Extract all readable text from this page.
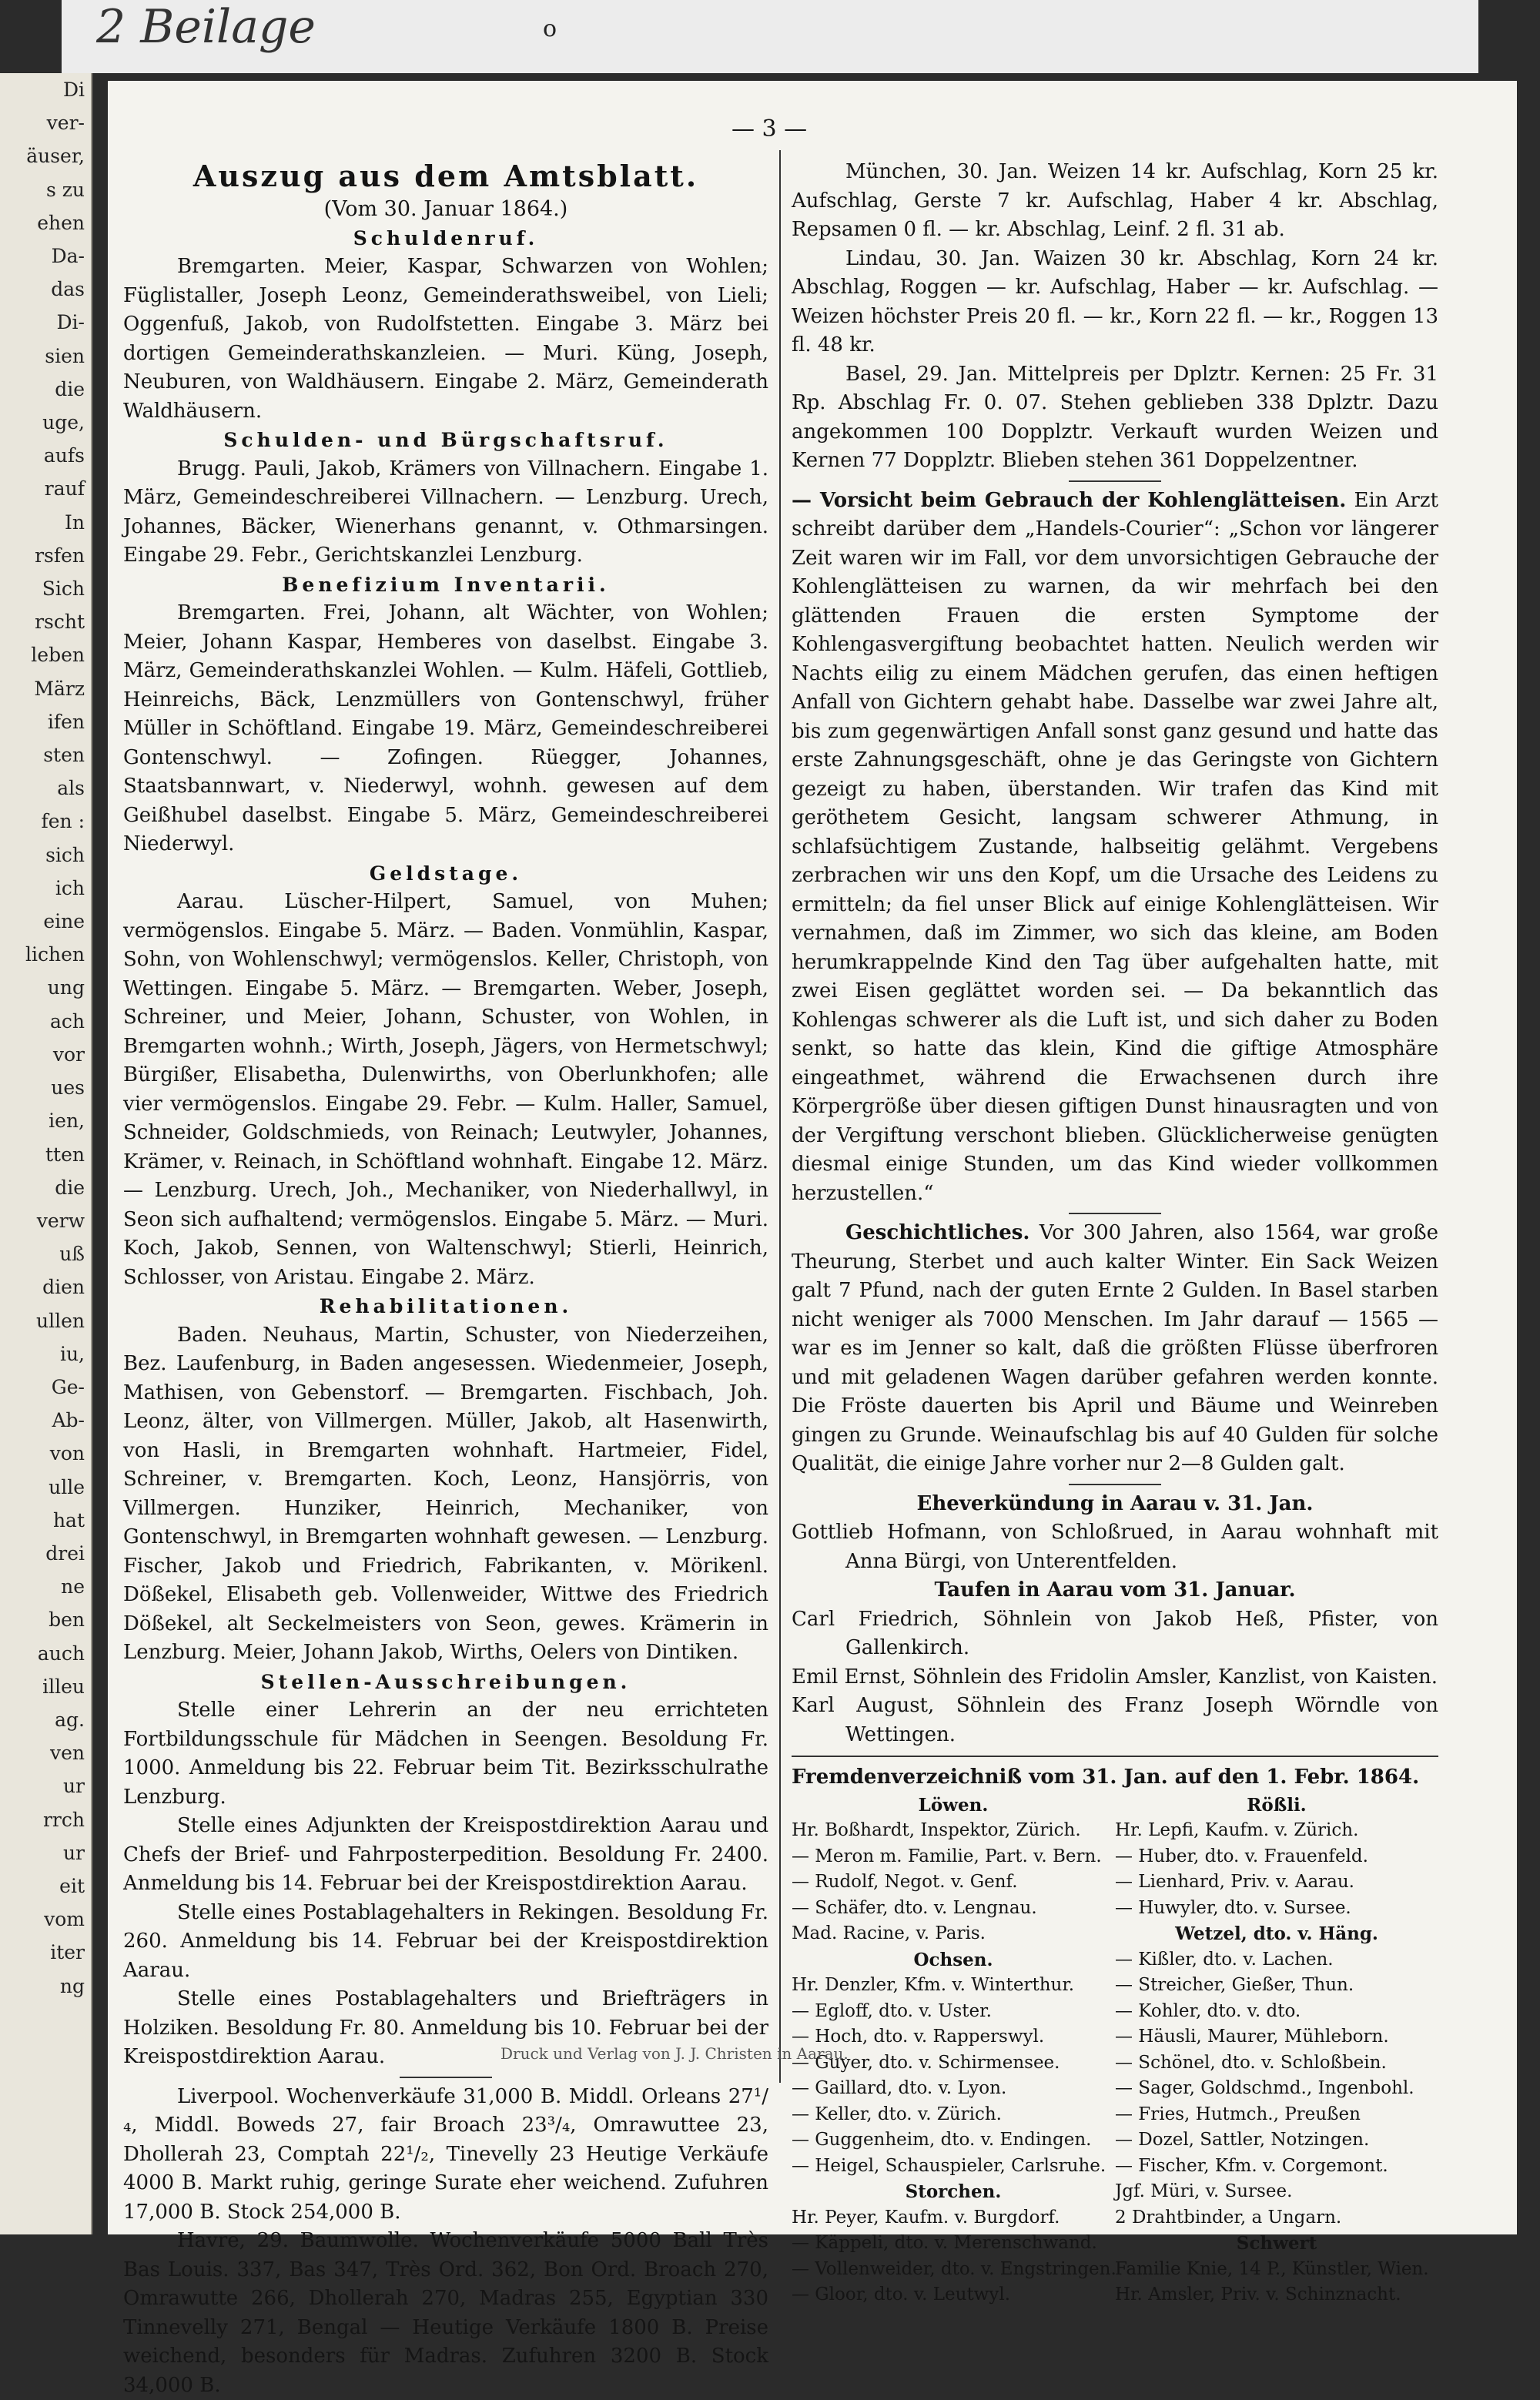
2 Beilage	o
Di
ver-
äuser,
s zu
ehen
Da-
das
Di-
sien
die
uge,
aufs
rauf
In
rsfen
Sich
rscht
leben
März
ifen
sten
als
fen :
sich
ich
eine
lichen
ung
ach
vor
ues
ien,
tten
die
verw
uß
dien
ullen
iu,
Ge-
Ab-
von
ulle
hat
drei
ne
ben
auch
illeu
ag.
ven
ur
rrch
ur
eit
vom
iter
ng
— 3 —

Auszug aus dem Amtsblatt.

(Vom 30. Januar 1864.)

Schuldenruf.

Bremgarten. Meier, Kaspar, Schwarzen von Wohlen; Füglistaller, Joseph Leonz, Gemeinderathsweibel, von Lieli; Oggenfuß, Jakob, von Rudolfstetten. Eingabe 3. März bei dortigen Gemeinderathskanzleien. — Muri. Küng, Joseph, Neuburen, von Waldhäusern. Eingabe 2. März, Gemeinderath Waldhäusern.

Schulden- und Bürgschaftsruf.

Brugg. Pauli, Jakob, Krämers von Villnachern. Eingabe 1. März, Gemeindeschreiberei Villnachern. — Lenzburg. Urech, Johannes, Bäcker, Wienerhans genannt, v. Othmarsingen. Eingabe 29. Febr., Gerichtskanzlei Lenzburg.

Benefizium Inventarii.

Bremgarten. Frei, Johann, alt Wächter, von Wohlen; Meier, Johann Kaspar, Hemberes von daselbst. Eingabe 3. März, Gemeinderathskanzlei Wohlen. — Kulm. Häfeli, Gottlieb, Heinreichs, Bäck, Lenzmüllers von Gontenschwyl, früher Müller in Schöftland. Eingabe 19. März, Gemeindeschreiberei Gontenschwyl. — Zofingen. Rüegger, Johannes, Staatsbannwart, v. Niederwyl, wohnh. gewesen auf dem Geißhubel daselbst. Eingabe 5. März, Gemeindeschreiberei Niederwyl.

Geldstage.

Aarau. Lüscher-Hilpert, Samuel, von Muhen; vermögenslos. Eingabe 5. März. — Baden. Vonmühlin, Kaspar, Sohn, von Wohlenschwyl; vermögenslos. Keller, Christoph, von Wettingen. Eingabe 5. März. — Bremgarten. Weber, Joseph, Schreiner, und Meier, Johann, Schuster, von Wohlen, in Bremgarten wohnh.; Wirth, Joseph, Jägers, von Hermetschwyl; Bürgißer, Elisabetha, Dulenwirths, von Oberlunkhofen; alle vier vermögenslos. Eingabe 29. Febr. — Kulm. Haller, Samuel, Schneider, Goldschmieds, von Reinach; Leutwyler, Johannes, Krämer, v. Reinach, in Schöftland wohnhaft. Eingabe 12. März. — Lenzburg. Urech, Joh., Mechaniker, von Niederhallwyl, in Seon sich aufhaltend; vermögenslos. Eingabe 5. März. — Muri. Koch, Jakob, Sennen, von Waltenschwyl; Stierli, Heinrich, Schlosser, von Aristau. Eingabe 2. März.

Rehabilitationen.

Baden. Neuhaus, Martin, Schuster, von Niederzeihen, Bez. Laufenburg, in Baden angesessen. Wiedenmeier, Joseph, Mathisen, von Gebenstorf. — Bremgarten. Fischbach, Joh. Leonz, älter, von Villmergen. Müller, Jakob, alt Hasenwirth, von Hasli, in Bremgarten wohnhaft. Hartmeier, Fidel, Schreiner, v. Bremgarten. Koch, Leonz, Hansjörris, von Villmergen. Hunziker, Heinrich, Mechaniker, von Gontenschwyl, in Bremgarten wohnhaft gewesen. — Lenzburg. Fischer, Jakob und Friedrich, Fabrikanten, v. Mörikenl. Dößekel, Elisabeth geb. Vollenweider, Wittwe des Friedrich Dößekel, alt Seckelmeisters von Seon, gewes. Krämerin in Lenzburg. Meier, Johann Jakob, Wirths, Oelers von Dintiken.

Stellen-Ausschreibungen.

Stelle einer Lehrerin an der neu errichteten Fortbildungsschule für Mädchen in Seengen. Besoldung Fr. 1000. Anmeldung bis 22. Februar beim Tit. Bezirksschulrathe Lenzburg.

Stelle eines Adjunkten der Kreispostdirektion Aarau und Chefs der Brief- und Fahrposterpedition. Besoldung Fr. 2400. Anmeldung bis 14. Februar bei der Kreispostdirektion Aarau.

Stelle eines Postablagehalters in Rekingen. Besoldung Fr. 260. Anmeldung bis 14. Februar bei der Kreispostdirektion Aarau.

Stelle eines Postablagehalters und Briefträgers in Holziken. Besoldung Fr. 80. Anmeldung bis 10. Februar bei der Kreispostdirektion Aarau.

Liverpool. Wochenverkäufe 31,000 B. Middl. Orleans 27¹/₄, Middl. Boweds 27, fair Broach 23³/₄, Omrawuttee 23, Dhollerah 23, Comptah 22¹/₂, Tinevelly 23 Heutige Verkäufe 4000 B. Markt ruhig, geringe Surate eher weichend. Zufuhren 17,000 B. Stock 254,000 B.

Havre, 29. Baumwolle. Wochenverkäufe 5000 Ball Très Bas Louis. 337, Bas 347, Très Ord. 362, Bon Ord. Broach 270, Omrawutte 266, Dhollerah 270, Madras 255, Egyptian 330 Tinnevelly 271, Bengal — Heutige Verkäufe 1800 B. Preise weichend, besonders für Madras. Zufuhren 3200 B. Stock 34,000 B.

München, 30. Jan. Weizen 14 kr. Aufschlag, Korn 25 kr. Aufschlag, Gerste 7 kr. Aufschlag, Haber 4 kr. Abschlag, Repsamen 0 fl. — kr. Abschlag, Leinf. 2 fl. 31 ab.

Lindau, 30. Jan. Waizen 30 kr. Abschlag, Korn 24 kr. Abschlag, Roggen — kr. Aufschlag, Haber — kr. Aufschlag. — Weizen höchster Preis 20 fl. — kr., Korn 22 fl. — kr., Roggen 13 fl. 48 kr.

Basel, 29. Jan. Mittelpreis per Dplztr. Kernen: 25 Fr. 31 Rp. Abschlag Fr. 0. 07. Stehen geblieben 338 Dplztr. Dazu angekommen 100 Dopplztr. Verkauft wurden Weizen und Kernen 77 Dopplztr. Blieben stehen 361 Doppelzentner.

— Vorsicht beim Gebrauch der Kohlenglätteisen. Ein Arzt schreibt darüber dem „Handels-Courier“: „Schon vor längerer Zeit waren wir im Fall, vor dem unvorsichtigen Gebrauche der Kohlenglätteisen zu warnen, da wir mehrfach bei den glättenden Frauen die ersten Symptome der Kohlengasvergiftung beobachtet hatten. Neulich werden wir Nachts eilig zu einem Mädchen gerufen, das einen heftigen Anfall von Gichtern gehabt habe. Dasselbe war zwei Jahre alt, bis zum gegenwärtigen Anfall sonst ganz gesund und hatte das erste Zahnungsgeschäft, ohne je das Geringste von Gichtern gezeigt zu haben, überstanden. Wir trafen das Kind mit geröthetem Gesicht, langsam schwerer Athmung, in schlafsüchtigem Zustande, halbseitig gelähmt. Vergebens zerbrachen wir uns den Kopf, um die Ursache des Leidens zu ermitteln; da fiel unser Blick auf einige Kohlenglätteisen. Wir vernahmen, daß im Zimmer, wo sich das kleine, am Boden herumkrappelnde Kind den Tag über aufgehalten hatte, mit zwei Eisen geglättet worden sei. — Da bekanntlich das Kohlengas schwerer als die Luft ist, und sich daher zu Boden senkt, so hatte das klein, Kind die giftige Atmosphäre eingeathmet, während die Erwachsenen durch ihre Körpergröße über diesen giftigen Dunst hinausragten und von der Vergiftung verschont blieben. Glücklicherweise genügten diesmal einige Stunden, um das Kind wieder vollkommen herzustellen.“

Geschichtliches. Vor 300 Jahren, also 1564, war große Theurung, Sterbet und auch kalter Winter. Ein Sack Weizen galt 7 Pfund, nach der guten Ernte 2 Gulden. In Basel starben nicht weniger als 7000 Menschen. Im Jahr darauf — 1565 — war es im Jenner so kalt, daß die größten Flüsse überfroren und mit geladenen Wagen darüber gefahren werden konnte. Die Fröste dauerten bis April und Bäume und Weinreben gingen zu Grunde. Weinaufschlag bis auf 40 Gulden für solche Qualität, die einige Jahre vorher nur 2—8 Gulden galt.

Eheverkündung in Aarau v. 31. Jan.

Gottlieb Hofmann, von Schloßrued, in Aarau wohnhaft mit Anna Bürgi, von Unterentfelden.

Taufen in Aarau vom 31. Januar.

Carl Friedrich, Söhnlein von Jakob Heß, Pfister, von Gallenkirch.

Emil Ernst, Söhnlein des Fridolin Amsler, Kanzlist, von Kaisten.

Karl August, Söhnlein des Franz Joseph Wörndle von Wettingen.

Fremdenverzeichniß vom 31. Jan. auf den 1. Febr. 1864.

Löwen.

Hr. Boßhardt, Inspektor, Zürich.

— Meron m. Familie, Part. v. Bern.

— Rudolf, Negot. v. Genf.

— Schäfer, dto. v. Lengnau.

Mad. Racine, v. Paris.

Ochsen.

Hr. Denzler, Kfm. v. Winterthur.

— Egloff, dto. v. Uster.

— Hoch, dto. v. Rapperswyl.

— Guyer, dto. v. Schirmensee.

— Gaillard, dto. v. Lyon.

— Keller, dto. v. Zürich.

— Guggenheim, dto. v. Endingen.

— Heigel, Schauspieler, Carlsruhe.

Storchen.

Hr. Peyer, Kaufm. v. Burgdorf.

— Käppeli, dto. v. Merenschwand.

— Vollenweider, dto. v. Engstringen.

— Gloor, dto. v. Leutwyl.

Rößli.

Hr. Lepfi, Kaufm. v. Zürich.

— Huber, dto. v. Frauenfeld.

— Lienhard, Priv. v. Aarau.

— Huwyler, dto. v. Sursee.

Wetzel, dto. v. Häng.

— Kißler, dto. v. Lachen.

— Streicher, Gießer, Thun.

— Kohler, dto. v. dto.

— Häusli, Maurer, Mühleborn.

— Schönel, dto. v. Schloßbein.

— Sager, Goldschmd., Ingenbohl.

— Fries, Hutmch., Preußen

— Dozel, Sattler, Notzingen.

— Fischer, Kfm. v. Corgemont.

Jgf. Müri, v. Sursee.

2 Drahtbinder, a Ungarn.

Schwert

Familie Knie, 14 P., Künstler, Wien.

Hr. Amsler, Priv. v. Schinznacht.

Druck und Verlag von J. J. Christen in Aarau.
